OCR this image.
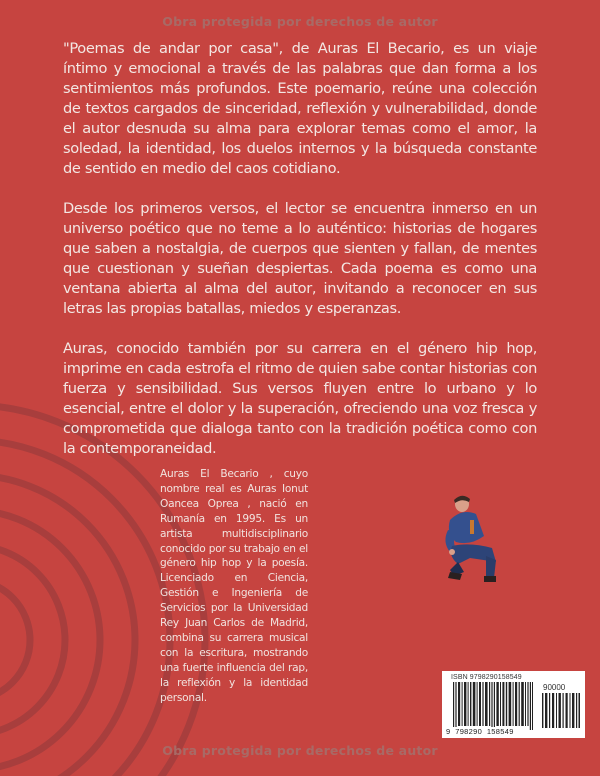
Obra protegida por derechos de autor

"Poemas de andar por casa", de Auras El Becario, es un viaje íntimo y emocional a través de las palabras que dan forma a los sentimientos más profundos. Este poemario, reúne una colección de textos cargados de sinceridad, reflexión y vulnerabilidad, donde el autor desnuda su alma para explorar temas como el amor, la soledad, la identidad, los duelos internos y la búsqueda constante de sentido en medio del caos cotidiano.

Desde los primeros versos, el lector se encuentra inmerso en un universo poético que no teme a lo auténtico: historias de hogares que saben a nostalgia, de cuerpos que sienten y fallan, de mentes que cuestionan y sueñan despiertas. Cada poema es como una ventana abierta al alma del autor, invitando a reconocer en sus letras las propias batallas, miedos y esperanzas.

Auras, conocido también por su carrera en el género hip hop, imprime en cada estrofa el ritmo de quien sabe contar historias con fuerza y sensibilidad. Sus versos fluyen entre lo urbano y lo esencial, entre el dolor y la superación, ofreciendo una voz fresca y comprometida que dialoga tanto con la tradición poética como con la contemporaneidad.

Auras El Becario , cuyo nombre real es Auras Ionut Oancea Oprea , nació en Rumanía en 1995. Es un artista multidisciplinario conocido por su trabajo en el género hip hop y la poesía. Licenciado en Ciencia, Gestión e Ingeniería de Servicios por la Universidad Rey Juan Carlos de Madrid, combina su carrera musical con la escritura, mostrando una fuerte influencia del rap, la reflexión y la identidad personal.
ISBN 9798290158549
90000
9  798290  158549
Obra protegida por derechos de autor
